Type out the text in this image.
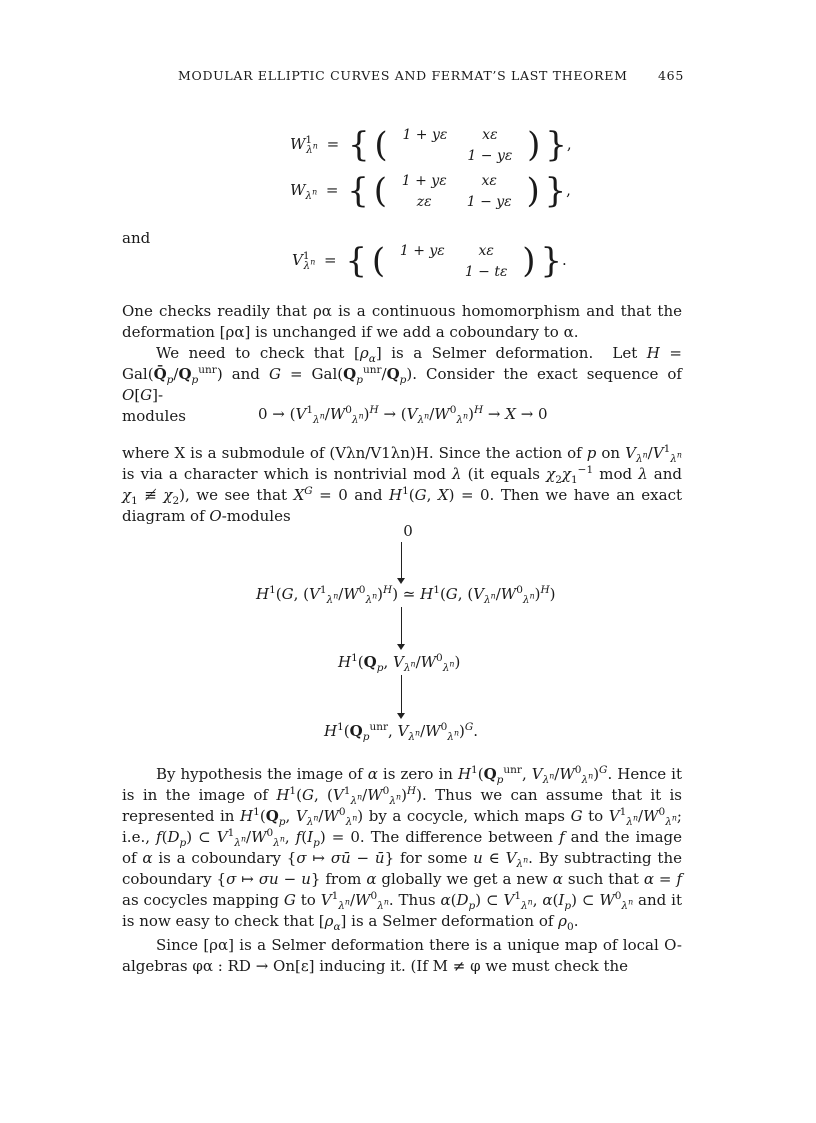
MODULAR ELLIPTIC CURVES AND FERMAT’S LAST THEOREM 465
$W^1_{\lambda^n}$ = { ( 1 + yε	xε
	1 − yε ) },
$W_{\lambda^n}$ = { ( 1 + yε	xε
zε	1 − yε ) },
and
$V^1_{\lambda^n}$ = { ( 1 + yε	xε
	1 − tε ) }.
One checks readily that ρα is a continuous homomorphism and that the deformation [ρα] is unchanged if we add a coboundary to α.
We need to check that $[\rho_\alpha]$ is a Selmer deformation.  Let $H = Gal(Q̄_p/Q_p^{unr})$ and $G = Gal(Q_p^{unr}/Q_p)$. Consider the exact sequence of O[G]-
modules	$0 \to (V^1_{\lambda^n}/W^0_{\lambda^n})^H \to (V_{\lambda^n}/W^0_{\lambda^n})^H \to X \to 0$
where X is a submodule of (Vλn/V1λn)H. Since the action of p on $V_{\lambda^n}/V^1_{\lambda^n}$ is via a character which is nontrivial mod λ (it equals $\chi_2\chi_1^{-1}$ mod λ and $\chi_1$ ≢ $\chi_2$), we see that $X^G = 0$ and $H^1(G$, X) = 0. Then we have an exact diagram of O-modules
0
$H^1(G$, $(V^1_{\lambda^n}/W^0_{\lambda^n})^H$) ≃ $H^1(G$, $(V_{\lambda^n}/W^0_{\lambda^n})^H$)
$H^1(Q_p$, $V_{\lambda^n}/W^0_{\lambda^n}$)
$H^1(Q_p^{unr}$, $V_{\lambda^n}/W^0_{\lambda^n})^G$.
By hypothesis the image of α is zero in $H^1(Q_p^{unr}$, $V_{\lambda^n}/W^0_{\lambda^n})^G$. Hence it is in the image of $H^1(G$, $(V^1_{\lambda^n}/W^0_{\lambda^n})^H$). Thus we can assume that it is represented in $H^1(Q_p$, $V_{\lambda^n}/W^0_{\lambda^n}$) by a cocycle, which maps G to $V^1_{\lambda^n}/W^0_{\lambda^n}$; i.e., $f(D_p)$ ⊂ $V^1_{\lambda^n}/W^0_{\lambda^n}$, $f(I_p) = 0$. The difference between f and the image of α is a coboundary {σ ↦ σū − ū} for some u ∈ $V_{\lambda^n}$. By subtracting the coboundary {σ ↦ σu − u} from α globally we get a new α such that α = f as cocycles mapping G to $V^1_{\lambda^n}/W^0_{\lambda^n}$. Thus $\alpha(D_p)$ ⊂ $V^1_{\lambda^n}$, $\alpha(I_p)$ ⊂ $W^0_{\lambda^n}$ and it is now easy to check that $[\rho_\alpha]$ is a Selmer deformation of $\rho_0$.
Since [ρα] is a Selmer deformation there is a unique map of local O-algebras φα : RD → On[ε] inducing it. (If M ≠ φ we must check the
